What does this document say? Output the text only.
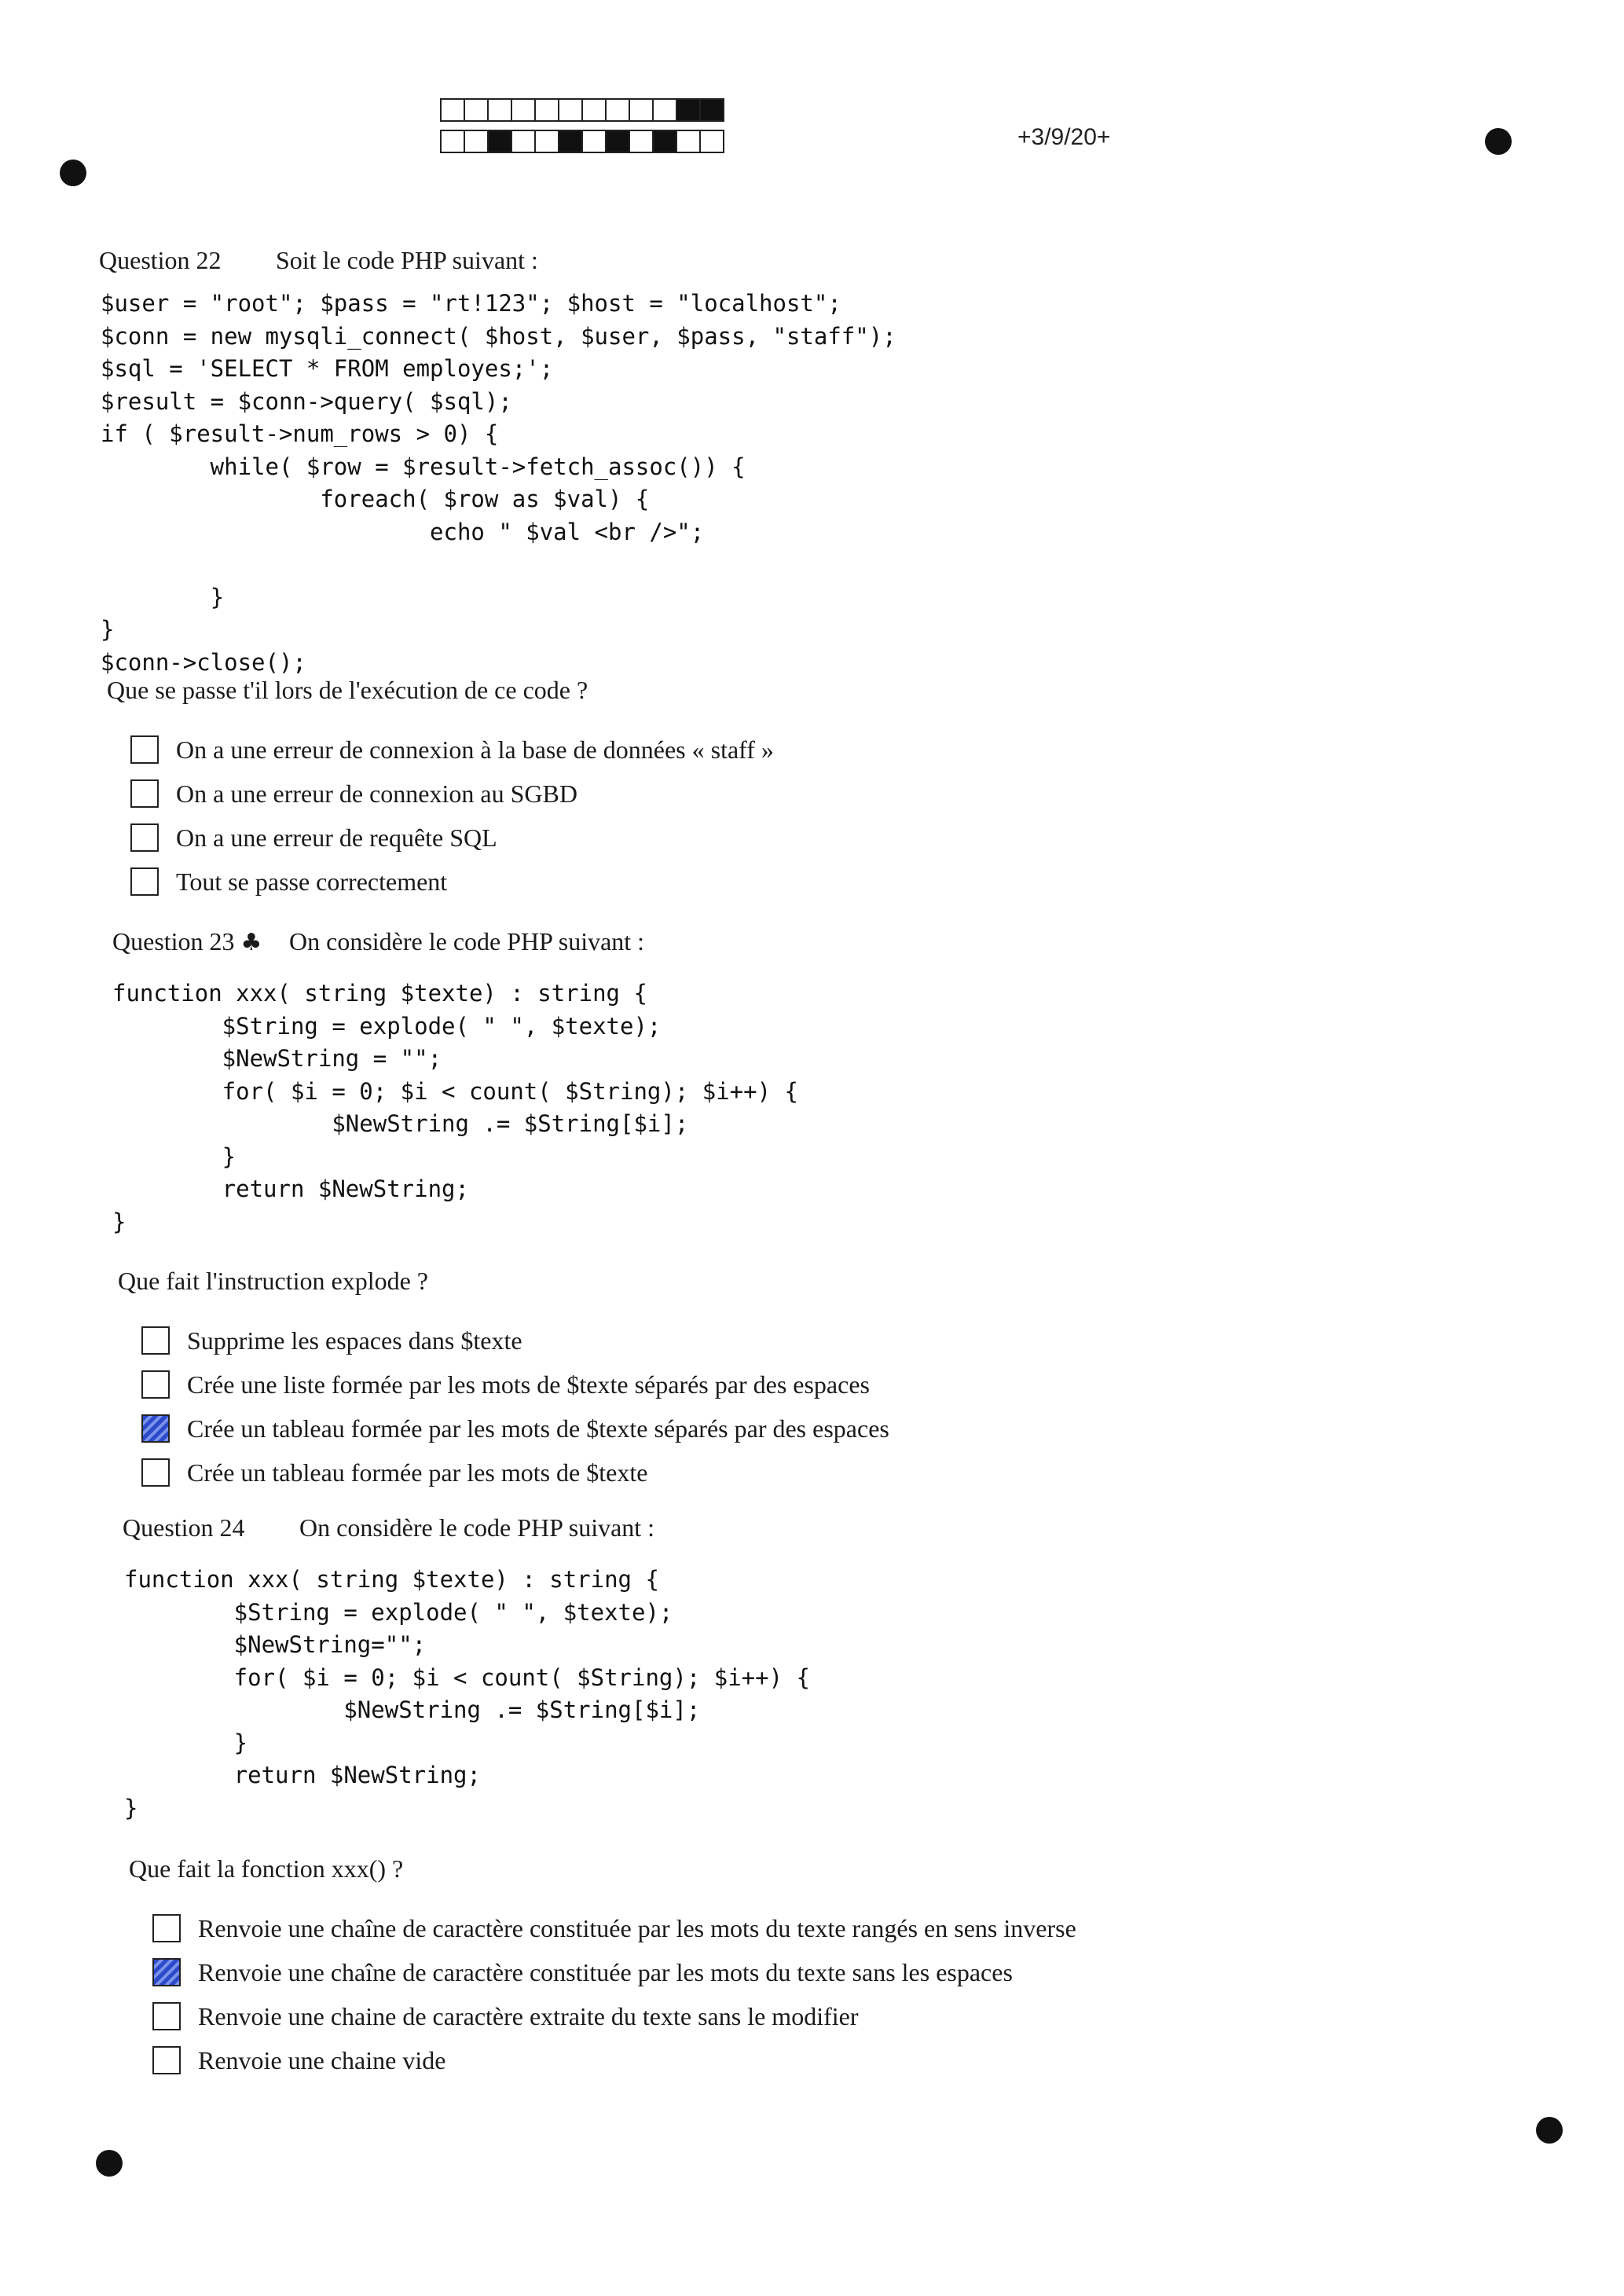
+3/9/20+
Question 22 Soit le code PHP suivant :
$user = "root"; $pass = "rt!123"; $host = "localhost";
$conn = new mysqli_connect( $host, $user, $pass, "staff");
$sql = 'SELECT * FROM employes;';
$result = $conn->query( $sql);
if ( $result->num_rows > 0) {
while( $row = $result->fetch_assoc()) {
foreach( $row as $val) {
echo " $val <br />";

}
}
$conn->close();
Que se passe t'il lors de l'exécution de ce code ?
On a une erreur de connexion à la base de données « staff »
On a une erreur de connexion au SGBD
On a une erreur de requête SQL
Tout se passe correctement
Question 23 ♣ On considère le code PHP suivant :
function xxx( string $texte) : string {
$String = explode( " ", $texte);
$NewString = "";
for( $i = 0; $i < count( $String); $i++) {
$NewString .= $String[$i];
}
return $NewString;
}
Que fait l'instruction explode ?
Supprime les espaces dans $texte
Crée une liste formée par les mots de $texte séparés par des espaces
Crée un tableau formée par les mots de $texte séparés par des espaces
Crée un tableau formée par les mots de $texte
Question 24 On considère le code PHP suivant :
function xxx( string $texte) : string {
$String = explode( " ", $texte);
$NewString="";
for( $i = 0; $i < count( $String); $i++) {
$NewString .= $String[$i];
}
return $NewString;
}
Que fait la fonction xxx() ?
Renvoie une chaîne de caractère constituée par les mots du texte rangés en sens inverse
Renvoie une chaîne de caractère constituée par les mots du texte sans les espaces
Renvoie une chaine de caractère extraite du texte sans le modifier
Renvoie une chaine vide
